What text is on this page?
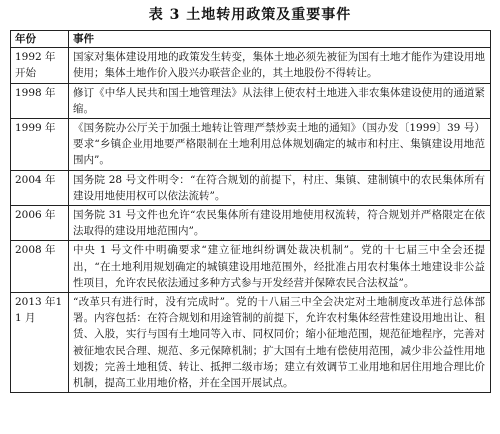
表 3 土地转用政策及重要事件
年份	事件
1992 年开始	国家对集体建设用地的政策发生转变，集体土地必须先被征为国有土地才能作为建设用地使用；集体土地作价入股兴办联营企业的，其土地股份不得转让。
1998 年	修订《中华人民共和国土地管理法》从法律上使农村土地进入非农集体建设使用的通道紧缩。
1999 年	《国务院办公厅关于加强土地转让管理严禁炒卖土地的通知》（国办发〔1999〕39 号）要求“乡镇企业用地要严格限制在土地利用总体规划确定的城市和村庄、集镇建设用地范围内”。
2004 年	国务院 28 号文件明令：“在符合规划的前提下，村庄、集镇、建制镇中的农民集体所有建设用地使用权可以依法流转”。
2006 年	国务院 31 号文件也允许“农民集体所有建设用地使用权流转，符合规划并严格限定在依法取得的建设用地范围内”。
2008 年	中央 1 号文件中明确要求“建立征地纠纷调处裁决机制”。党的十七届三中全会还提出，“在土地利用规划确定的城镇建设用地范围外，经批准占用农村集体土地建设非公益性项目，允许农民依法通过多种方式参与开发经营并保障农民合法权益”。
2013 年11 月	“改革只有进行时，没有完成时”。党的十八届三中全会决定对土地制度改革进行总体部署。内容包括：在符合规划和用途管制的前提下，允许农村集体经营性建设用地出让、租赁、入股，实行与国有土地同等入市、同权同价；缩小征地范围，规范征地程序，完善对被征地农民合理、规范、多元保障机制；扩大国有土地有偿使用范围，减少非公益性用地划拨；完善土地租赁、转让、抵押二级市场；建立有效调节工业用地和居住用地合理比价机制，提高工业用地价格，并在全国开展试点。
